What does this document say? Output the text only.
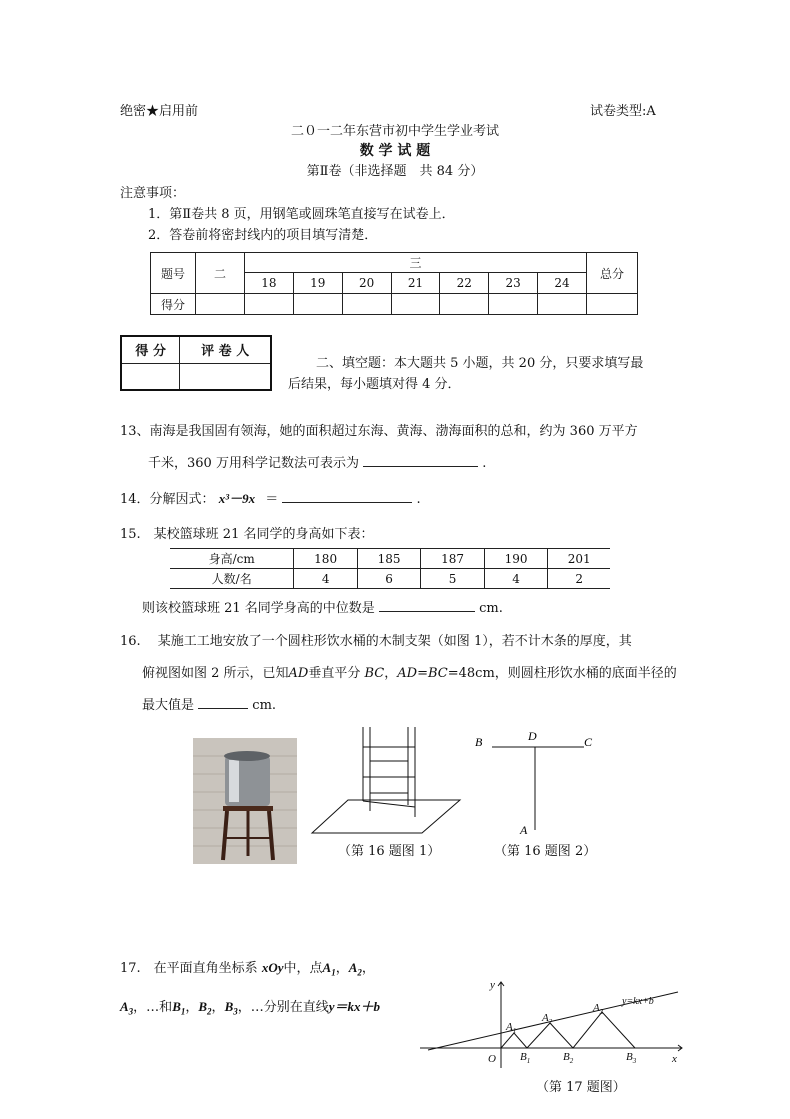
绝密★启用前	试卷类型:A
二０一二年东营市初中学生学业考试
数 学 试 题
第Ⅱ卷（非选择题　共 84 分）
注意事项：
1．第Ⅱ卷共 8 页，用钢笔或圆珠笔直接写在试卷上．
2．答卷前将密封线内的项目填写清楚．
题号	二	三							总分
		18	19	20	21	22	23	24	
得分									
得 分	评 卷 人

二、填空题：本大题共 5 小题，共 20 分，只要求填写最
后结果，每小题填对得 4 分．
13、南海是我国固有领海，她的面积超过东海、黄海、渤海面积的总和，约为 360 万平方
千米，360 万用科学记数法可表示为	.
14．分解因式： x³－9x ＝	.
15.　某校篮球班 21 名同学的身高如下表：
身高/cm	180	185	187	190	201
人数/名	4	6	5	4	2
则该校篮球班 21 名同学身高的中位数是	cm.
16.　 某施工工地安放了一个圆柱形饮水桶的木制支架（如图 1），若不计木条的厚度，其
俯视图如图 2 所示，已知AD垂直平分 BC，AD=BC=48cm，则圆柱形饮水桶的底面半径的
最大值是	cm.
（第 16 题图 1）
B	D	C
A
（第 16 题图 2）
17.　在平面直角坐标系 xOy中，点$A_1$，$A_2$，
$A_3$，…和$B_1$，$B_2$，$B_3$，…分别在直线y＝kx＋b
y
x
O
y=kx+b
$A_1$
$A_2$
$A_3$
$B_1$	$B_2$	$B_3$
（第 17 题图）
